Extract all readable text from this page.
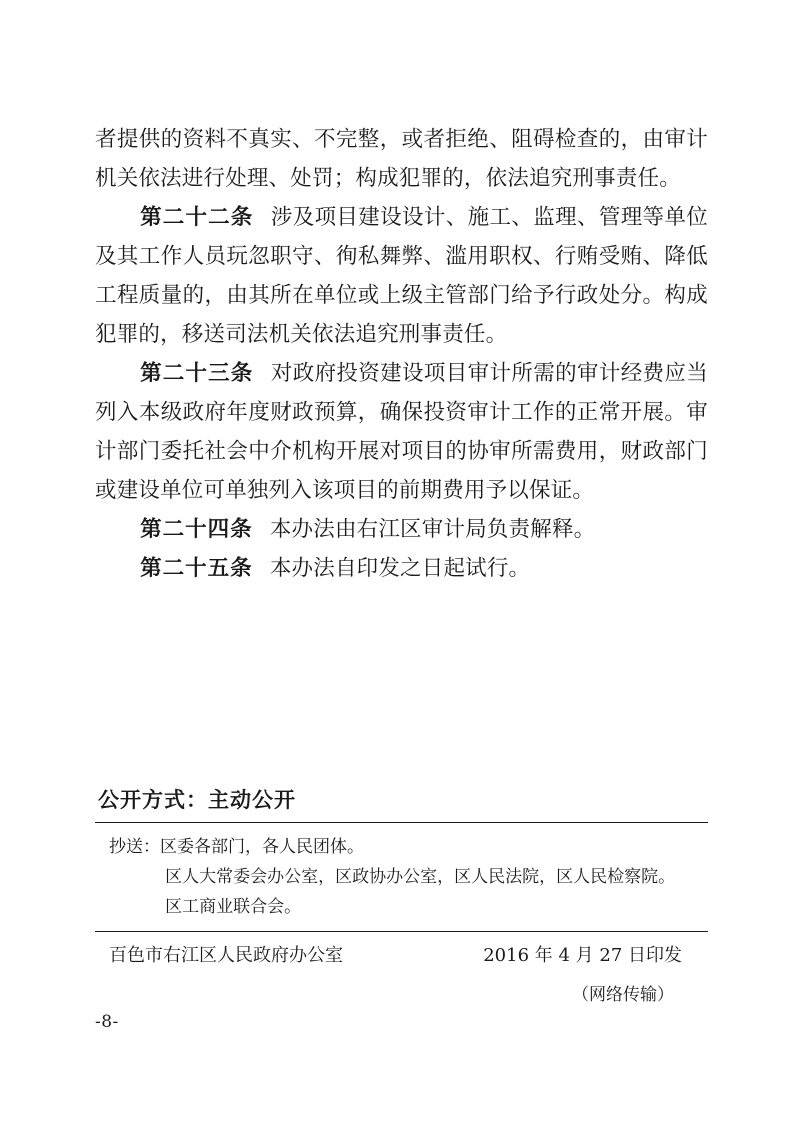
者提供的资料不真实、不完整，或者拒绝、阻碍检查的，由审计机关依法进行处理、处罚；构成犯罪的，依法追究刑事责任。

第二十二条 涉及项目建设设计、施工、监理、管理等单位及其工作人员玩忽职守、徇私舞弊、滥用职权、行贿受贿、降低工程质量的，由其所在单位或上级主管部门给予行政处分。构成犯罪的，移送司法机关依法追究刑事责任。

第二十三条 对政府投资建设项目审计所需的审计经费应当列入本级政府年度财政预算，确保投资审计工作的正常开展。审计部门委托社会中介机构开展对项目的协审所需费用，财政部门或建设单位可单独列入该项目的前期费用予以保证。

第二十四条 本办法由右江区审计局负责解释。

第二十五条 本办法自印发之日起试行。

公开方式：主动公开

抄送：区委各部门，各人民团体。

区人大常委会办公室，区政协办公室，区人民法院，区人民检察院。

区工商业联合会。

百色市右江区人民政府办公室	2016 年 4 月 27 日印发
（网络传输）
-8-
